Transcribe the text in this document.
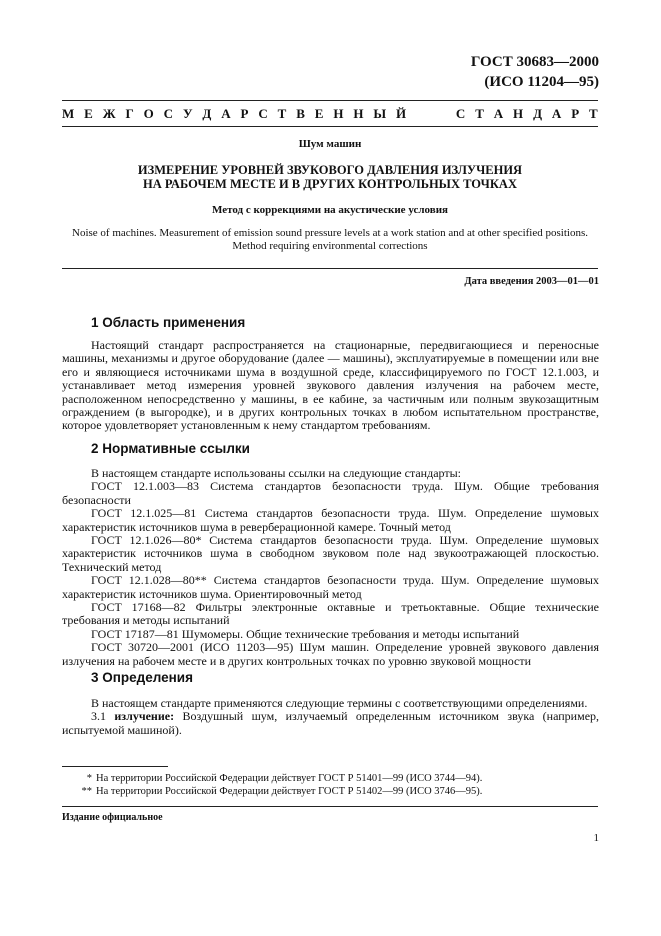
ГОСТ 30683—2000
(ИСО 11204—95)
М Е Ж Г О С У Д А Р С Т В Е Н Н Ы Й	С Т А Н Д А Р Т
Шум машин
ИЗМЕРЕНИЕ УРОВНЕЙ ЗВУКОВОГО ДАВЛЕНИЯ ИЗЛУЧЕНИЯ
НА РАБОЧЕМ МЕСТЕ И В ДРУГИХ КОНТРОЛЬНЫХ ТОЧКАХ
Метод с коррекциями на акустические условия
Noise of machines. Measurement of emission sound pressure levels at a work station and at other specified positions.
Method requiring environmental corrections
Дата введения 2003—01—01
1 Область применения

Настоящий стандарт распространяется на стационарные, передвигающиеся и переносные машины, механизмы и другое оборудование (далее — машины), эксплуатируемые в помещении или вне его и являющиеся источниками шума в воздушной среде, классифицируемого по ГОСТ 12.1.003, и устанавливает метод измерения уровней звукового давления излучения на рабочем месте, расположенном непосредственно у машины, в ее кабине, за частичным или полным звукозащитным ограждением (в выгородке), и в других контрольных точках в любом испытательном пространстве, которое удовлетворяет установленным к нему стандартом требованиям.

2 Нормативные ссылки

В настоящем стандарте использованы ссылки на следующие стандарты:

ГОСТ 12.1.003—83 Система стандартов безопасности труда. Шум. Общие требования безопасности

ГОСТ 12.1.025—81 Система стандартов безопасности труда. Шум. Определение шумовых характеристик источников шума в реверберационной камере. Точный метод

ГОСТ 12.1.026—80* Система стандартов безопасности труда. Шум. Определение шумовых характеристик источников шума в свободном звуковом поле над звукоотражающей плоскостью. Технический метод

ГОСТ 12.1.028—80** Система стандартов безопасности труда. Шум. Определение шумовых характеристик источников шума. Ориентировочный метод

ГОСТ 17168—82 Фильтры электронные октавные и третьоктавные. Общие технические требования и методы испытаний

ГОСТ 17187—81 Шумомеры. Общие технические требования и методы испытаний

ГОСТ 30720—2001 (ИСО 11203—95) Шум машин. Определение уровней звукового давления излучения на рабочем месте и в других контрольных точках по уровню звуковой мощности

3 Определения

В настоящем стандарте применяются следующие термины с соответствующими определениями.

3.1 излучение: Воздушный шум, излучаемый определенным источником звука (например, испытуемой машиной).

* На территории Российской Федерации действует ГОСТ Р 51401—99 (ИСО 3744—94).
** На территории Российской Федерации действует ГОСТ Р 51402—99 (ИСО 3746—95).
Издание официальное
1
